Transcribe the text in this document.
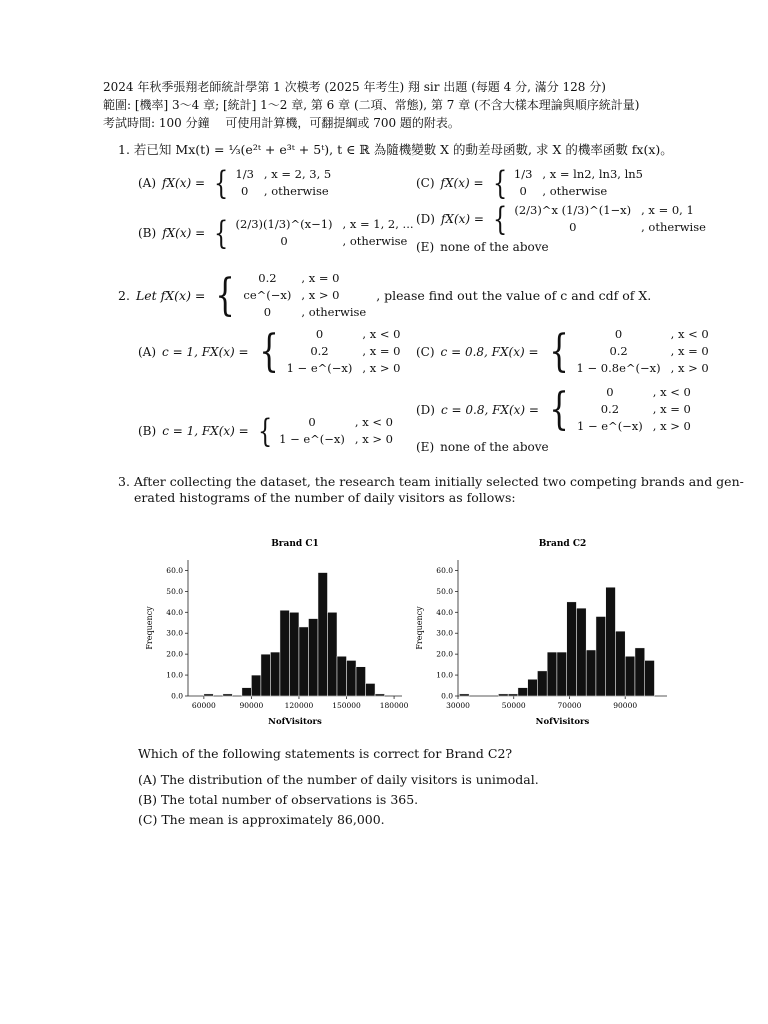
2024 年秋季張翔老師統計學第 1 次模考 (2025 年考生) 翔 sir 出題 (每題 4 分, 滿分 128 分)
範圍: [機率] 3〜4 章; [統計] 1〜2 章, 第 6 章 (二項、常態), 第 7 章 (不含大樣本理論與順序統計量)
考試時間: 100 分鐘　 可使用計算機，可翻提綱或 700 題的附表。
1. 若已知 Mx(t) = ⅓(e²ᵗ + e³ᵗ + 5ᵗ), t ∈ ℝ 為隨機變數 X 的動差母函數, 求 X 的機率函數 fx(x)。
(A) fX(x) = { 1/3 , x = 2, 3, 5
0	, otherwise
(C) fX(x) = { 1/3 , x = ln2, ln3, ln5
0	, otherwise
(B) fX(x) = { (2/3)(1/3)^(x−1) , x = 1, 2, ...
0	, otherwise
(D) fX(x) = { (2/3)^x (1/3)^(1−x) , x = 0, 1
0	, otherwise
(E) none of the above
2. Let fX(x) = {	0.2	, x = 0
ce^(−x) , x > 0
0	, otherwise
, please find out the value of c and cdf of X.
(A) c = 1, FX(x) = {	0	, x < 0
0.2	, x = 0
1 − e^(−x) , x > 0
(C) c = 0.8, FX(x) = {	0	, x < 0
0.2	, x = 0
1 − 0.8e^(−x) , x > 0
(D) c = 0.8, FX(x) = {	0	, x < 0
0.2	, x = 0
1 − e^(−x) , x > 0
(B) c = 1, FX(x) = {	0	, x < 0
1 − e^(−x) , x > 0
(E) none of the above
3. After collecting the dataset, the research team initially selected two competing brands and gen-
erated histograms of the number of daily visitors as follows:
Brand C1
Frequency
NofVisitors
0.0
10.0
20.0
30.0
40.0
50.0
60.0
60000	90000	120000	150000	180000
Brand C2
Frequency
NofVisitors
0.0
10.0
20.0
30.0
40.0
50.0
60.0
30000	50000	70000	90000
Which of the following statements is correct for Brand C2?
(A) The distribution of the number of daily visitors is unimodal.
(B) The total number of observations is 365.
(C) The mean is approximately 86,000.
